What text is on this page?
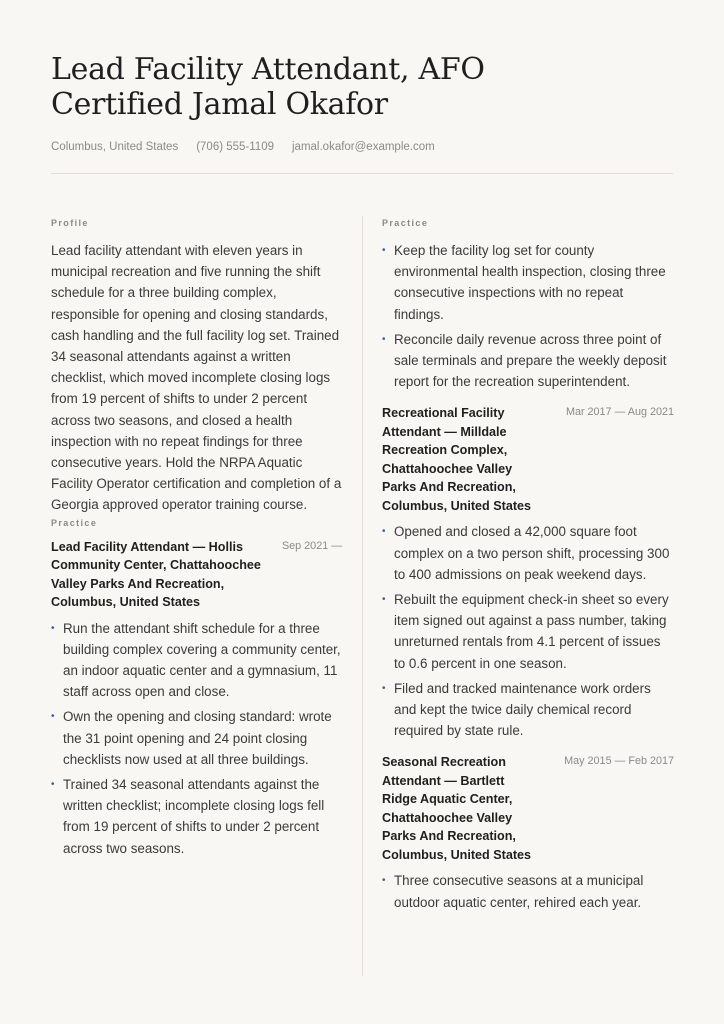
Lead Facility Attendant, AFO
Certified Jamal Okafor
Columbus, United States (706) 555-1109 jamal.okafor@example.com
Profile

Lead facility attendant with eleven years in municipal recreation and five running the shift schedule for a three building complex, responsible for opening and closing standards, cash handling and the full facility log set. Trained 34 seasonal attendants against a written checklist, which moved incomplete closing logs from 19 percent of shifts to under 2 percent across two seasons, and closed a health inspection with no repeat findings for three consecutive years. Hold the NRPA Aquatic Facility Operator certification and completion of a Georgia approved operator training course.

Practice
Lead Facility Attendant — Hollis Community Center, Chattahoochee Valley Parks And Recreation, Columbus, United States
Sep 2021 —
• Run the attendant shift schedule for a three building complex covering a community center, an indoor aquatic center and a gymnasium, 11 staff across open and close.
• Own the opening and closing standard: wrote the 31 point opening and 24 point closing checklists now used at all three buildings.
• Trained 34 seasonal attendants against the written checklist; incomplete closing logs fell from 19 percent of shifts to under 2 percent across two seasons.
Practice
• Keep the facility log set for county environmental health inspection, closing three consecutive inspections with no repeat findings.
• Reconcile daily revenue across three point of sale terminals and prepare the weekly deposit report for the recreation superintendent.
Recreational Facility Attendant — Milldale Recreation Complex, Chattahoochee Valley Parks And Recreation, Columbus, United States
Mar 2017 — Aug 2021
• Opened and closed a 42,000 square foot complex on a two person shift, processing 300 to 400 admissions on peak weekend days.
• Rebuilt the equipment check-in sheet so every item signed out against a pass number, taking unreturned rentals from 4.1 percent of issues to 0.6 percent in one season.
• Filed and tracked maintenance work orders and kept the twice daily chemical record required by state rule.
Seasonal Recreation Attendant — Bartlett Ridge Aquatic Center, Chattahoochee Valley Parks And Recreation, Columbus, United States
May 2015 — Feb 2017
• Three consecutive seasons at a municipal outdoor aquatic center, rehired each year.
